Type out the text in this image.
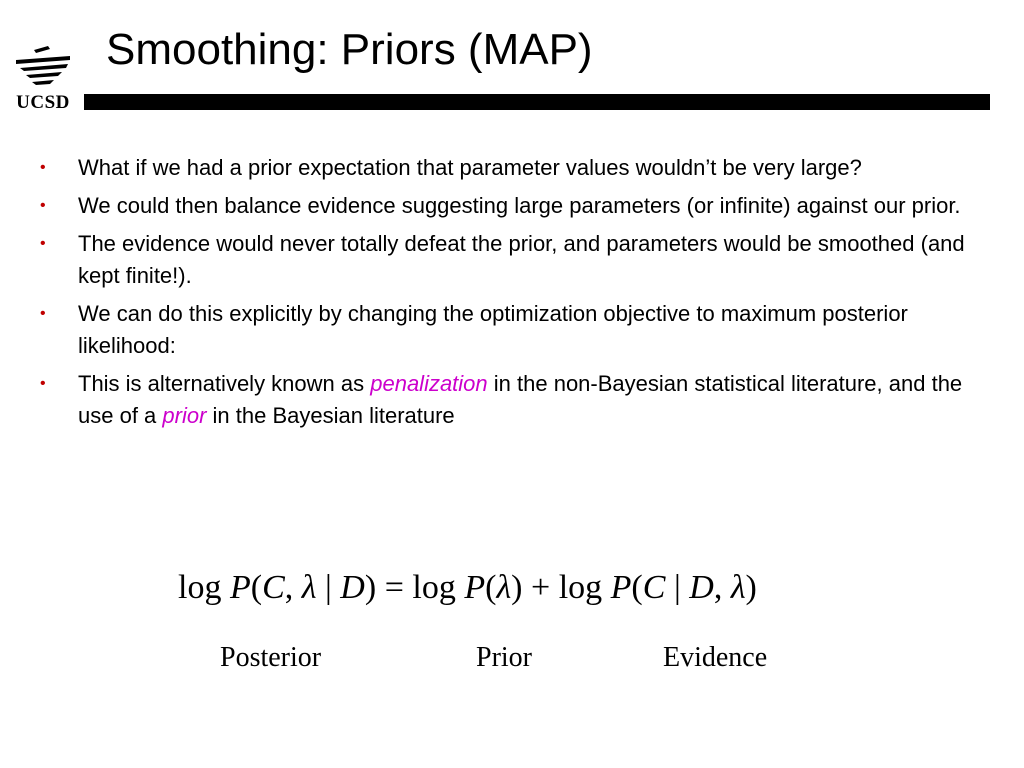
UCSD
Smoothing: Priors (MAP)
•	What if we had a prior expectation that parameter values wouldn’t be very large?
•	We could then balance evidence suggesting large parameters (or infinite) against our prior.
•	The evidence would never totally defeat the prior, and parameters would be smoothed (and kept finite!).
•	We can do this explicitly by changing the optimization objective to maximum posterior likelihood:
•	This is alternatively known as penalization in the non-Bayesian statistical literature, and the use of a prior in the Bayesian literature
log P(C, λ | D) = log P(λ) + log P(C | D, λ)
Posterior	Prior	Evidence
